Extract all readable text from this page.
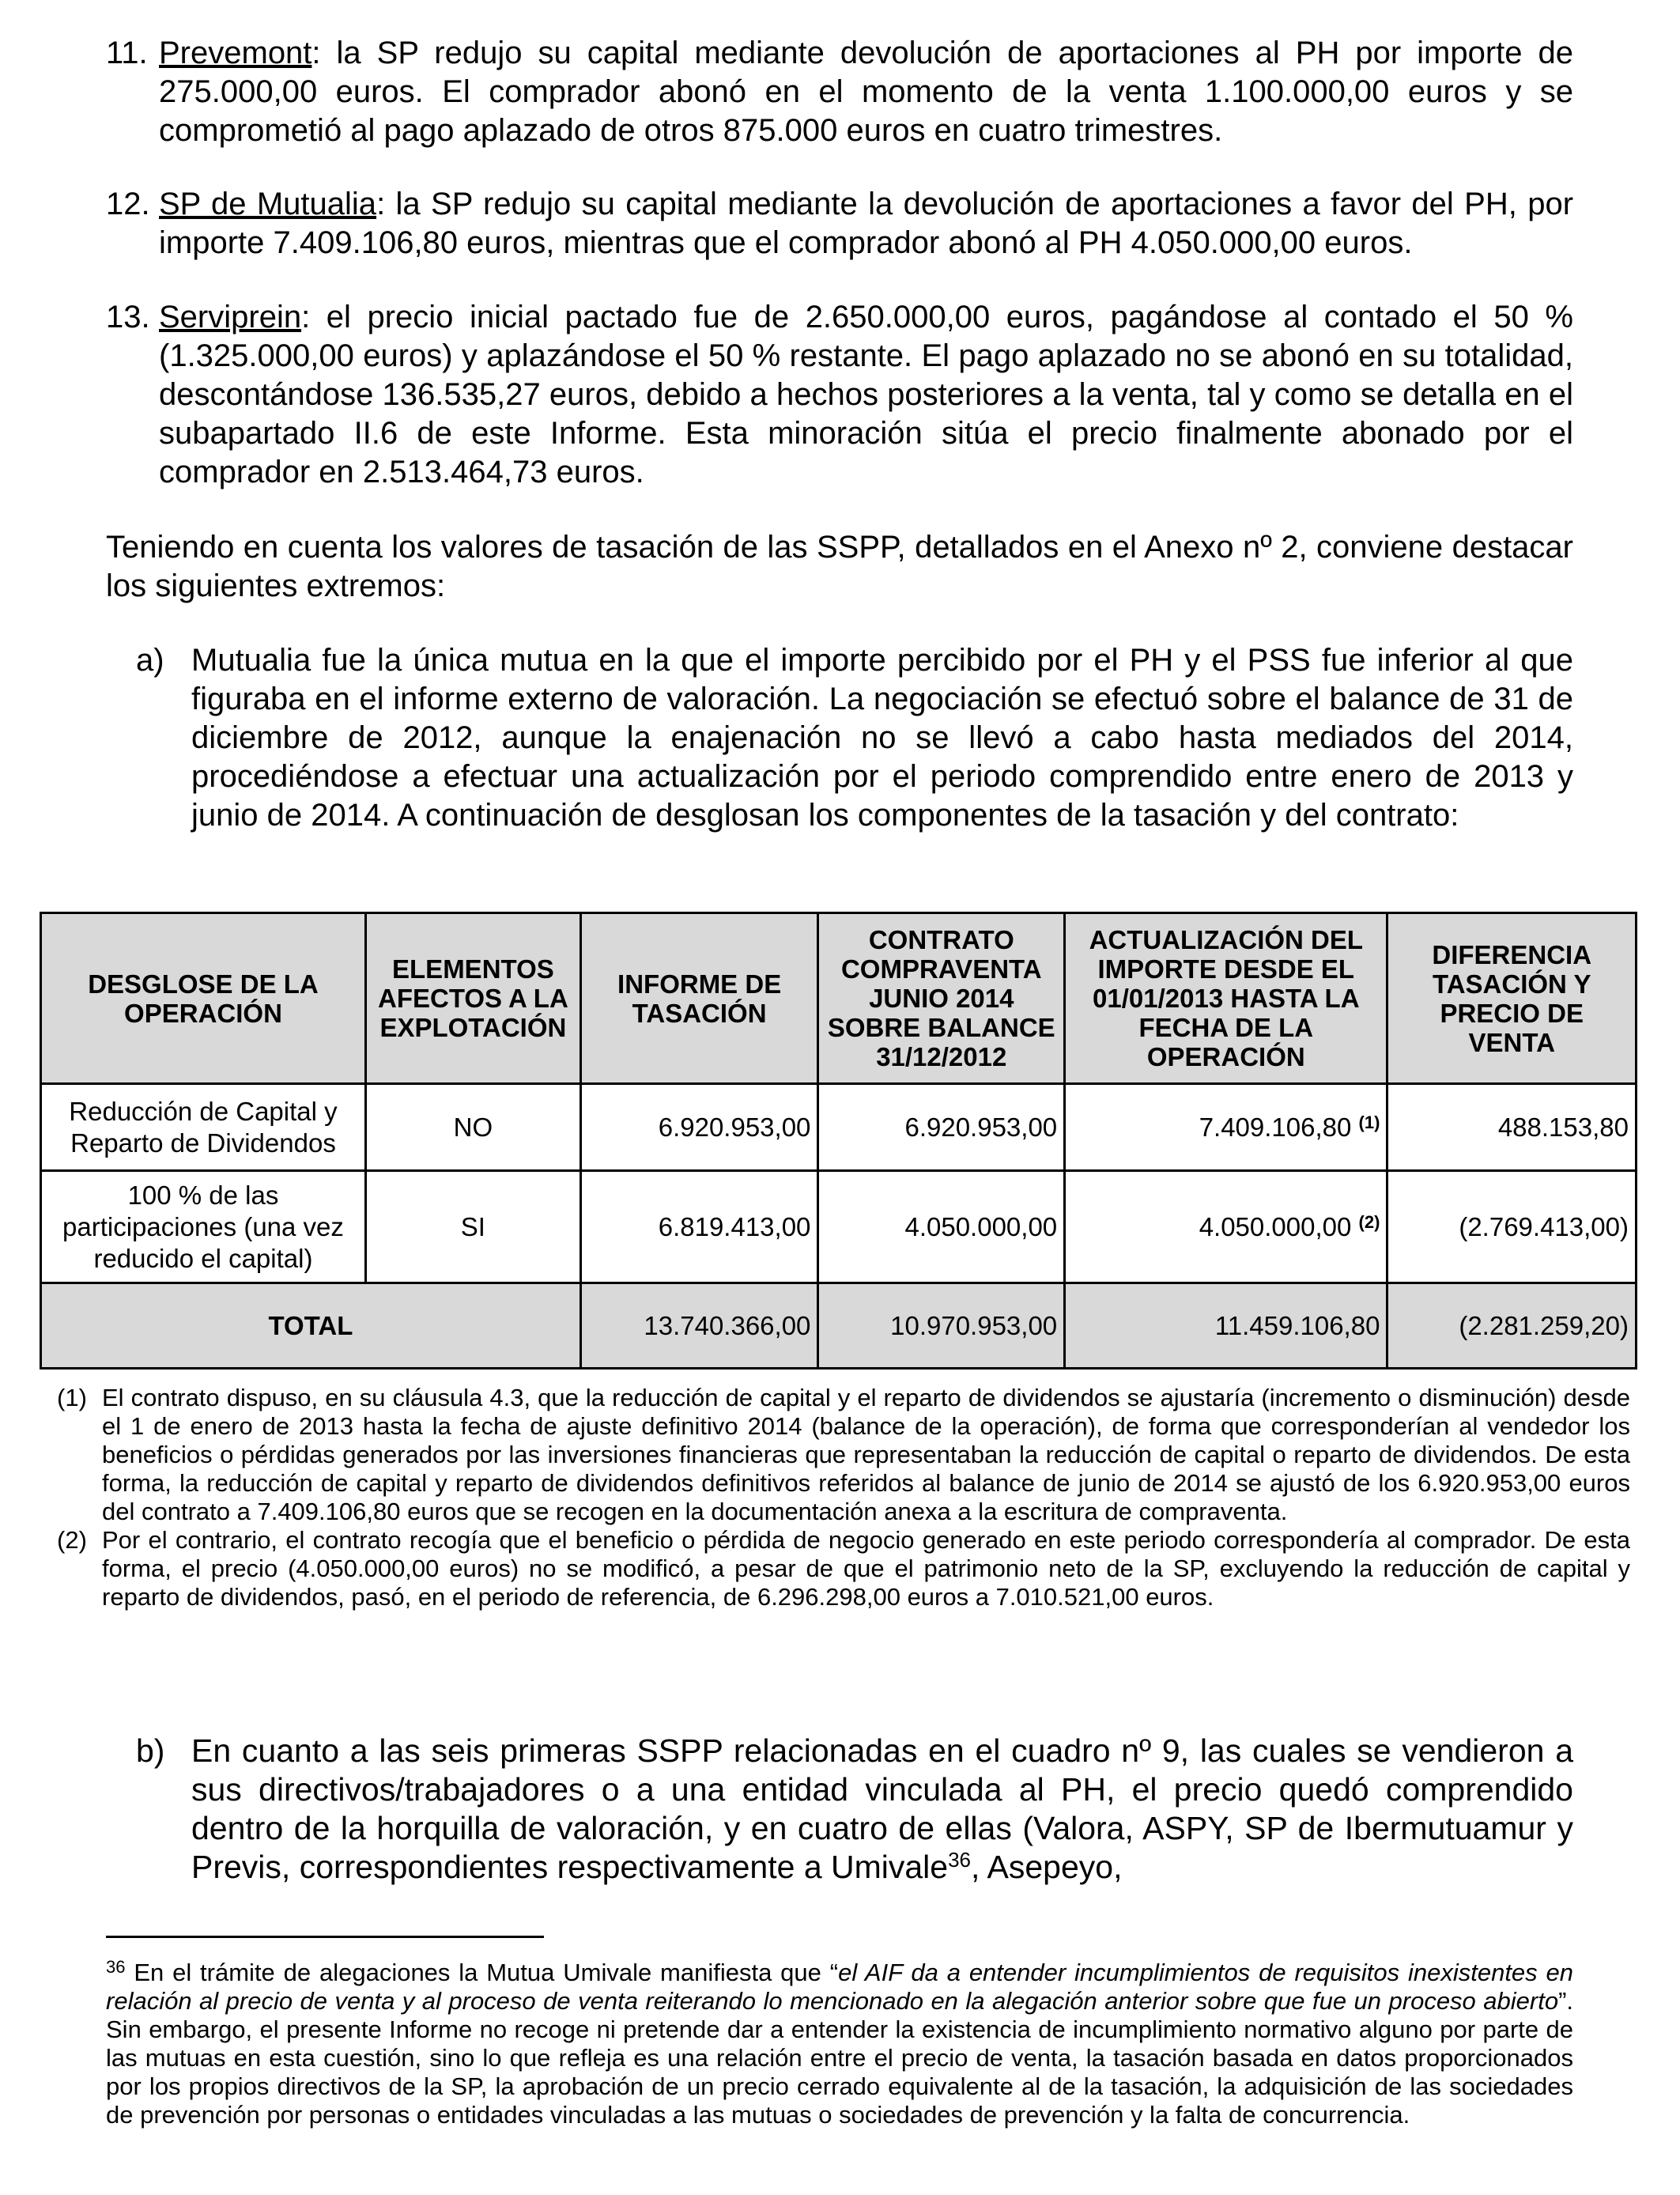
11. Prevemont: la SP redujo su capital mediante devolución de aportaciones al PH por importe de 275.000,00 euros. El comprador abonó en el momento de la venta 1.100.000,00 euros y se comprometió al pago aplazado de otros 875.000 euros en cuatro trimestres.
12. SP de Mutualia: la SP redujo su capital mediante la devolución de aportaciones a favor del PH, por importe 7.409.106,80 euros, mientras que el comprador abonó al PH 4.050.000,00 euros.
13. Serviprein: el precio inicial pactado fue de 2.650.000,00 euros, pagándose al contado el 50 % (1.325.000,00 euros) y aplazándose el 50 % restante. El pago aplazado no se abonó en su totalidad, descontándose 136.535,27 euros, debido a hechos posteriores a la venta, tal y como se detalla en el subapartado II.6 de este Informe. Esta minoración sitúa el precio finalmente abonado por el comprador en 2.513.464,73 euros.
Teniendo en cuenta los valores de tasación de las SSPP, detallados en el Anexo nº 2, conviene destacar los siguientes extremos:
a) Mutualia fue la única mutua en la que el importe percibido por el PH y el PSS fue inferior al que figuraba en el informe externo de valoración. La negociación se efectuó sobre el balance de 31 de diciembre de 2012, aunque la enajenación no se llevó a cabo hasta mediados del 2014, procediéndose a efectuar una actualización por el periodo comprendido entre enero de 2013 y junio de 2014. A continuación de desglosan los componentes de la tasación y del contrato:
DESGLOSE DE LA OPERACIÓN	ELEMENTOS AFECTOS A LA EXPLOTACIÓN	INFORME DE TASACIÓN	CONTRATO COMPRAVENTA JUNIO 2014 SOBRE BALANCE 31/12/2012	ACTUALIZACIÓN DEL IMPORTE DESDE EL 01/01/2013 HASTA LA FECHA DE LA OPERACIÓN	DIFERENCIA TASACIÓN Y PRECIO DE VENTA
Reducción de Capital y Reparto de Dividendos	NO	6.920.953,00	6.920.953,00	7.409.106,80 $^{(1)}$	488.153,80
100 % de las participaciones (una vez reducido el capital)	SI	6.819.413,00	4.050.000,00	4.050.000,00 $^{(2)}$	(2.769.413,00)
TOTAL		13.740.366,00	10.970.953,00	11.459.106,80	(2.281.259,20)

(1) El contrato dispuso, en su cláusula 4.3, que la reducción de capital y el reparto de dividendos se ajustaría (incremento o disminución) desde el 1 de enero de 2013 hasta la fecha de ajuste definitivo 2014 (balance de la operación), de forma que corresponderían al vendedor los beneficios o pérdidas generados por las inversiones financieras que representaban la reducción de capital o reparto de dividendos. De esta forma, la reducción de capital y reparto de dividendos definitivos referidos al balance de junio de 2014 se ajustó de los 6.920.953,00 euros del contrato a 7.409.106,80 euros que se recogen en la documentación anexa a la escritura de compraventa.

(2) Por el contrario, el contrato recogía que el beneficio o pérdida de negocio generado en este periodo correspondería al comprador. De esta forma, el precio (4.050.000,00 euros) no se modificó, a pesar de que el patrimonio neto de la SP, excluyendo la reducción de capital y reparto de dividendos, pasó, en el periodo de referencia, de 6.296.298,00 euros a 7.010.521,00 euros.

b) En cuanto a las seis primeras SSPP relacionadas en el cuadro nº 9, las cuales se vendieron a sus directivos/trabajadores o a una entidad vinculada al PH, el precio quedó comprendido dentro de la horquilla de valoración, y en cuatro de ellas (Valora, ASPY, SP de Ibermutuamur y Previs, correspondientes respectivamente a Umivale$^{36}$, Asepeyo,
$^{36}$ En el trámite de alegaciones la Mutua Umivale manifiesta que “el AIF da a entender incumplimientos de requisitos inexistentes en relación al precio de venta y al proceso de venta reiterando lo mencionado en la alegación anterior sobre que fue un proceso abierto”. Sin embargo, el presente Informe no recoge ni pretende dar a entender la existencia de incumplimiento normativo alguno por parte de las mutuas en esta cuestión, sino lo que refleja es una relación entre el precio de venta, la tasación basada en datos proporcionados por los propios directivos de la SP, la aprobación de un precio cerrado equivalente al de la tasación, la adquisición de las sociedades de prevención por personas o entidades vinculadas a las mutuas o sociedades de prevención y la falta de concurrencia.
